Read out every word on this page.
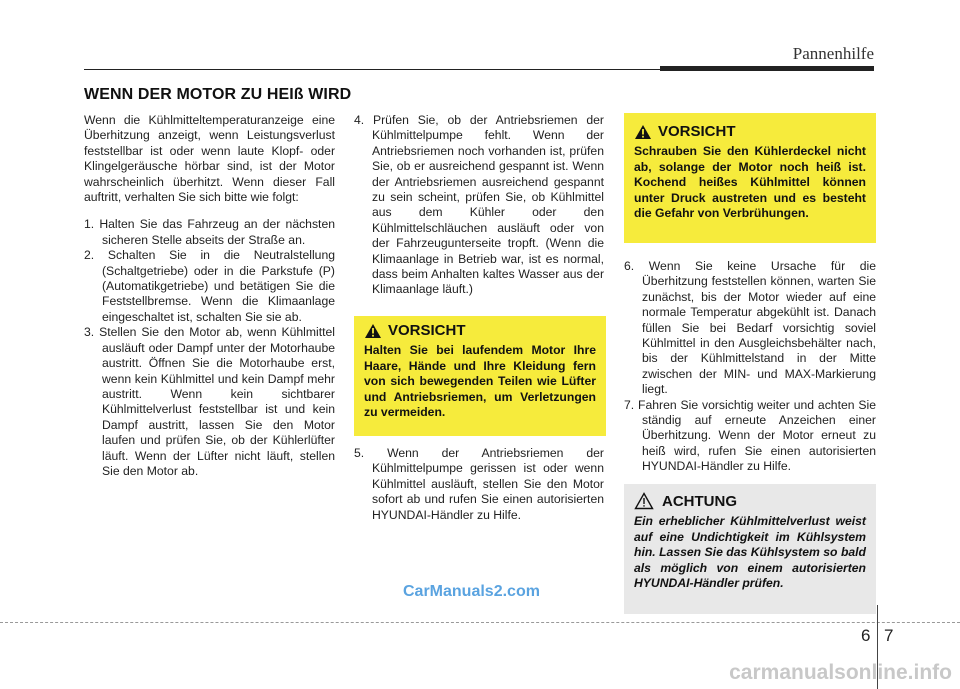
Pannenhilfe
WENN DER MOTOR ZU HEIß WIRD

Wenn die Kühlmitteltemperaturanzeige eine Überhitzung anzeigt, wenn Leistungsverlust feststellbar ist oder wenn laute Klopf- oder Klingelgeräusche hörbar sind, ist der Motor wahrscheinlich überhitzt. Wenn dieser Fall auftritt, verhalten Sie sich bitte wie folgt:

1. Halten Sie das Fahrzeug an der nächsten sicheren Stelle abseits der Straße an.

2. Schalten Sie in die Neutralstellung (Schaltgetriebe) oder in die Parkstufe (P) (Automatikgetriebe) und betätigen Sie die Feststellbremse. Wenn die Klimaanlage eingeschaltet ist, schalten Sie sie ab.

3. Stellen Sie den Motor ab, wenn Kühlmittel ausläuft oder Dampf unter der Motorhaube austritt. Öffnen Sie die Motorhaube erst, wenn kein Kühlmittel und kein Dampf mehr austritt. Wenn kein sichtbarer Kühlmittelverlust feststellbar ist und kein Dampf austritt, lassen Sie den Motor laufen und prüfen Sie, ob der Kühlerlüfter läuft. Wenn der Lüfter nicht läuft, stellen Sie den Motor ab.

4. Prüfen Sie, ob der Antriebsriemen der Kühlmittelpumpe fehlt. Wenn der Antriebsriemen noch vorhanden ist, prüfen Sie, ob er ausreichend gespannt ist. Wenn der Antriebsriemen ausreichend gespannt zu sein scheint, prüfen Sie, ob Kühlmittel aus dem Kühler oder den Kühlmittelschläuchen ausläuft oder von der Fahrzeugunterseite tropft. (Wenn die Klimaanlage in Betrieb war, ist es normal, dass beim Anhalten kaltes Wasser aus der Klimaanlage läuft.)

VORSICHT
Halten Sie bei laufendem Motor Ihre Haare, Hände und Ihre Kleidung fern von sich bewegenden Teilen wie Lüfter und Antriebsriemen, um Verletzungen zu vermeiden.

5. Wenn der Antriebsriemen der Kühlmittelpumpe gerissen ist oder wenn Kühlmittel ausläuft, stellen Sie den Motor sofort ab und rufen Sie einen autorisierten HYUNDAI-Händler zu Hilfe.

VORSICHT
Schrauben Sie den Kühlerdeckel nicht ab, solange der Motor noch heiß ist. Kochend heißes Kühlmittel können unter Druck austreten und es besteht die Gefahr von Verbrühungen.

6. Wenn Sie keine Ursache für die Überhitzung feststellen können, warten Sie zunächst, bis der Motor wieder auf eine normale Temperatur abgekühlt ist. Danach füllen Sie bei Bedarf vorsichtig soviel Kühlmittel in den Ausgleichsbehälter nach, bis der Kühlmittelstand in der Mitte zwischen der MIN- und MAX-Markierung liegt.

7. Fahren Sie vorsichtig weiter und achten Sie ständig auf erneute Anzeichen einer Überhitzung. Wenn der Motor erneut zu heiß wird, rufen Sie einen autorisierten HYUNDAI-Händler zu Hilfe.

ACHTUNG
Ein erheblicher Kühlmittelverlust weist auf eine Undichtigkeit im Kühlsystem hin. Lassen Sie das Kühlsystem so bald als möglich von einem autorisierten HYUNDAI-Händler prüfen.
CarManuals2.com
6 7
carmanualsonline.info
